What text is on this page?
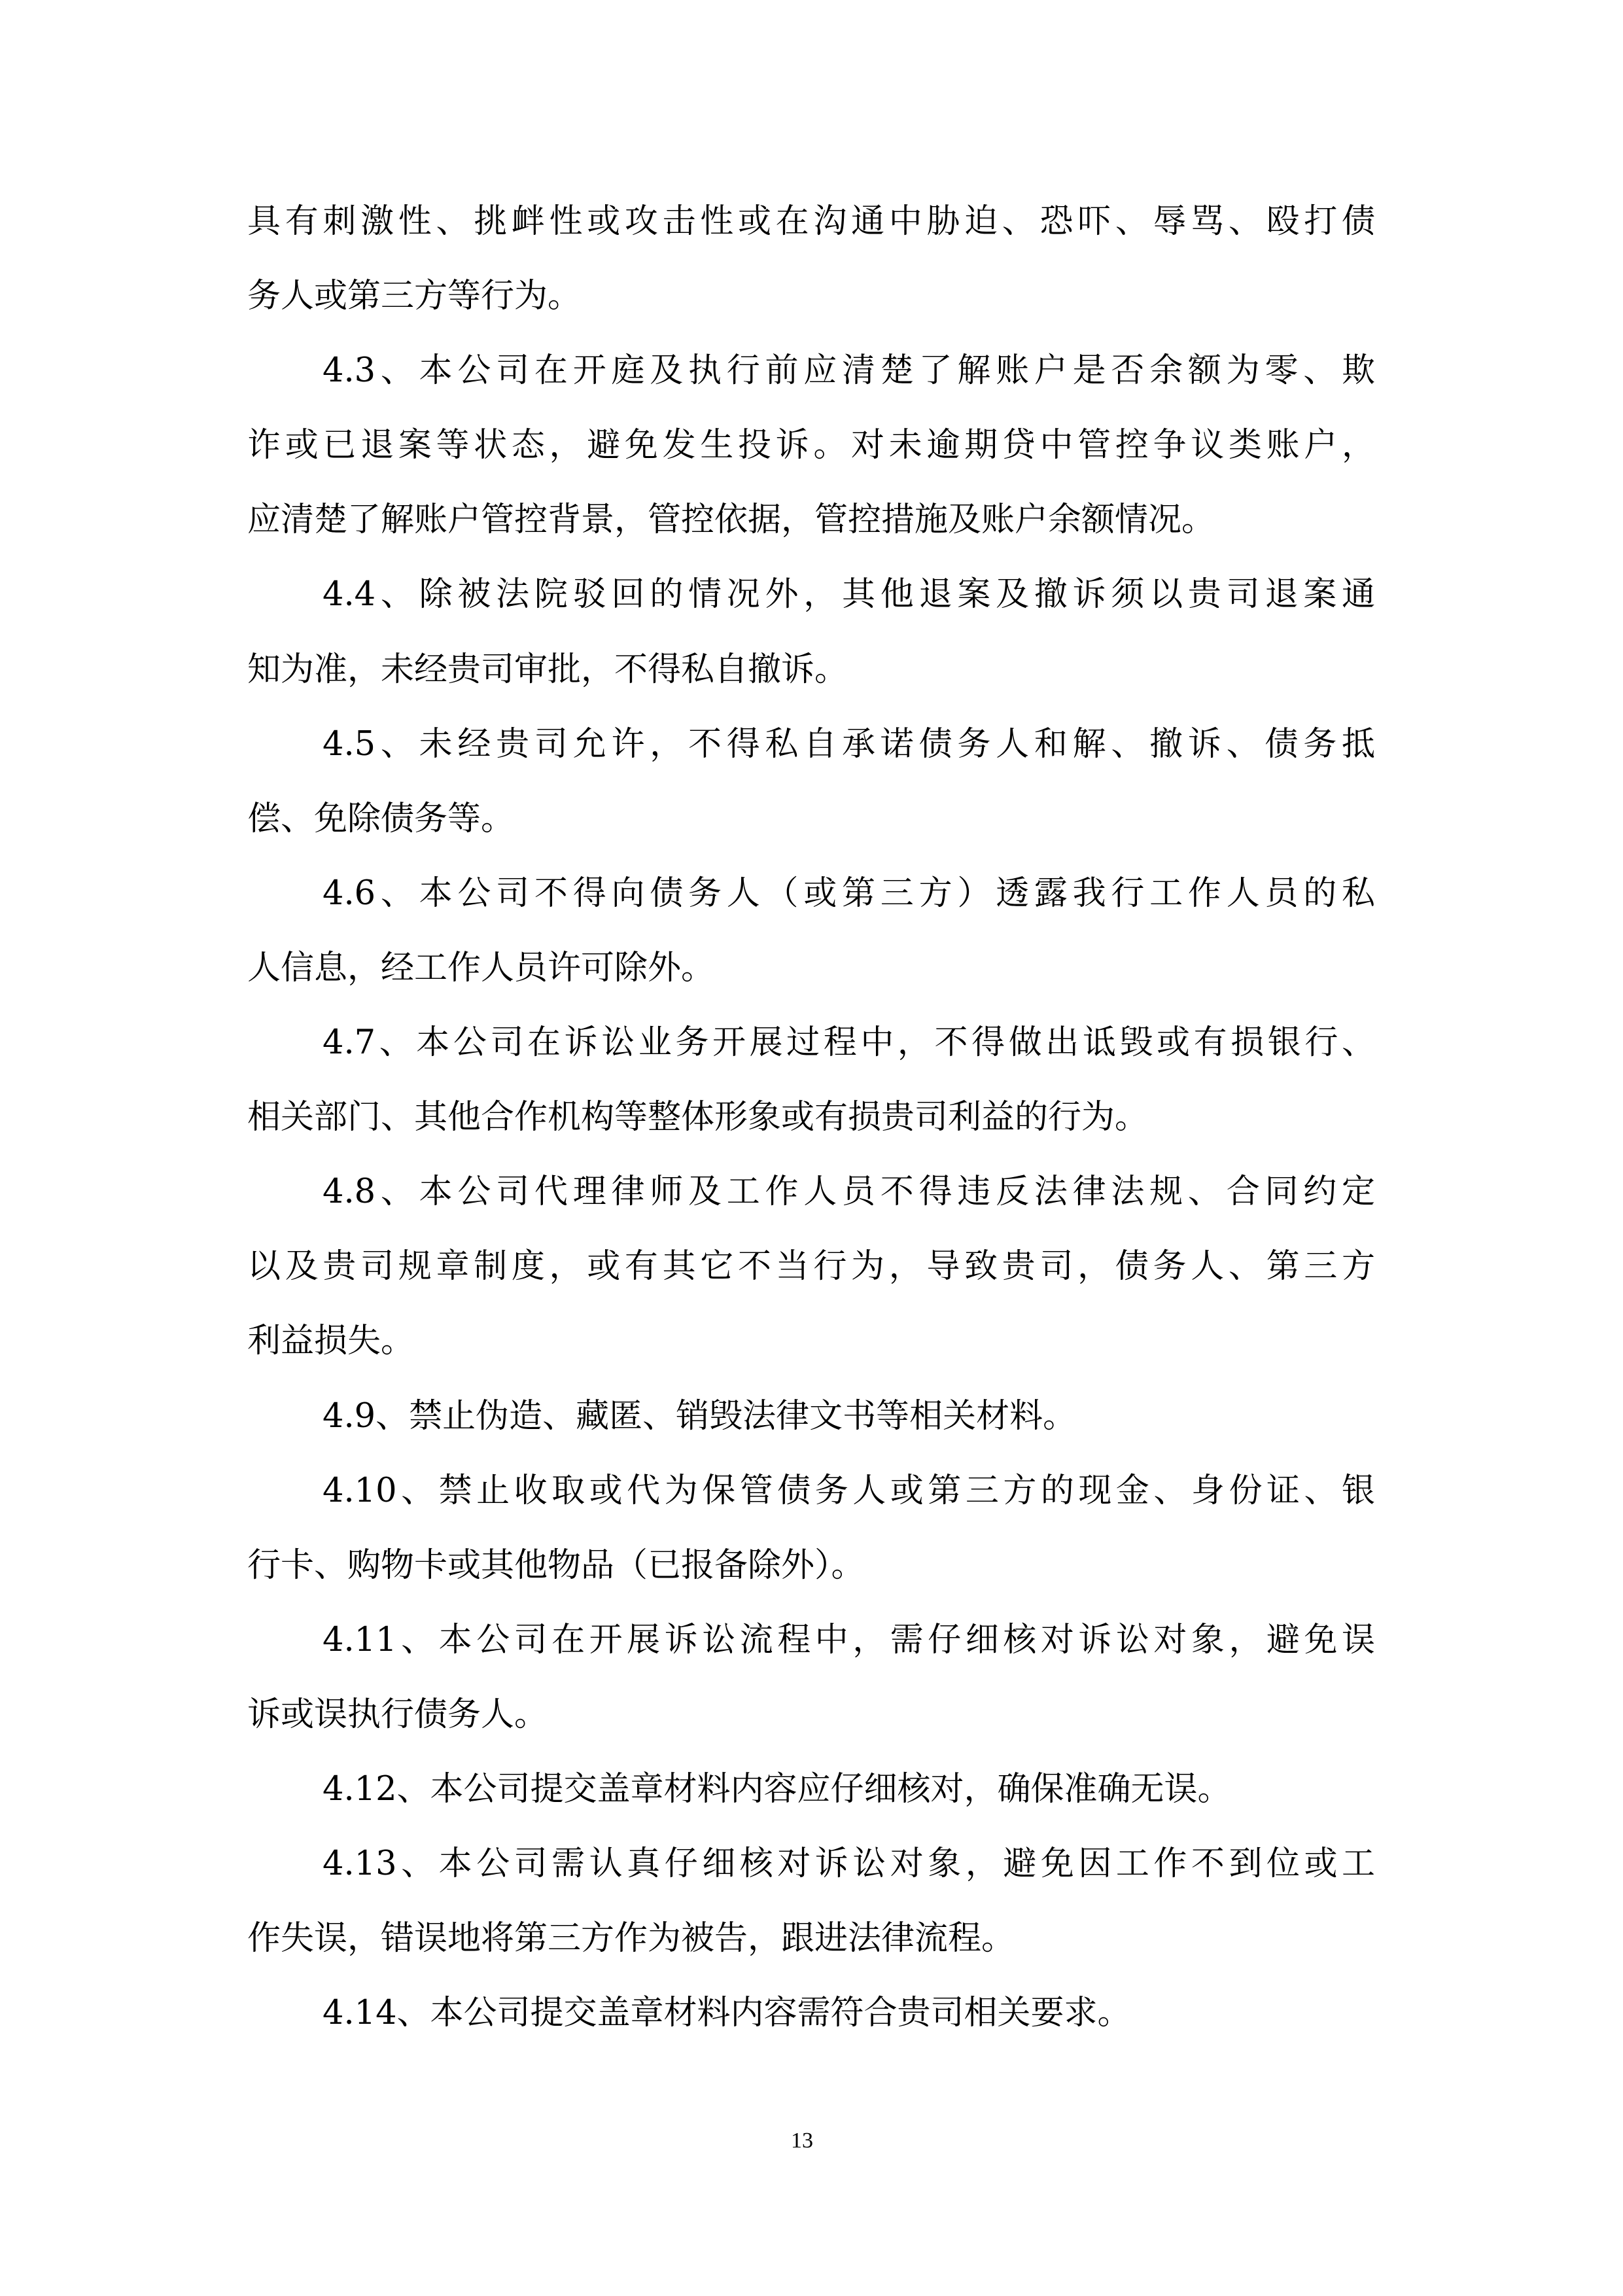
具有刺激性、挑衅性或攻击性或在沟通中胁迫、恐吓、辱骂、殴打债
务人或第三方等行为。

4.3、本公司在开庭及执行前应清楚了解账户是否余额为零、欺
诈或已退案等状态，避免发生投诉。对未逾期贷中管控争议类账户，
应清楚了解账户管控背景，管控依据，管控措施及账户余额情况。

4.4、除被法院驳回的情况外，其他退案及撤诉须以贵司退案通
知为准，未经贵司审批，不得私自撤诉。

4.5、未经贵司允许，不得私自承诺债务人和解、撤诉、债务抵
偿、免除债务等。

4.6、本公司不得向债务人（或第三方）透露我行工作人员的私
人信息，经工作人员许可除外。

4.7、本公司在诉讼业务开展过程中，不得做出诋毁或有损银行、
相关部门、其他合作机构等整体形象或有损贵司利益的行为。

4.8、本公司代理律师及工作人员不得违反法律法规、合同约定
以及贵司规章制度，或有其它不当行为，导致贵司，债务人、第三方
利益损失。

4.9、禁止伪造、藏匿、销毁法律文书等相关材料。

4.10、禁止收取或代为保管债务人或第三方的现金、身份证、银
行卡、购物卡或其他物品（已报备除外）。

4.11、本公司在开展诉讼流程中，需仔细核对诉讼对象，避免误
诉或误执行债务人。

4.12、本公司提交盖章材料内容应仔细核对，确保准确无误。

4.13、本公司需认真仔细核对诉讼对象，避免因工作不到位或工
作失误，错误地将第三方作为被告，跟进法律流程。

4.14、本公司提交盖章材料内容需符合贵司相关要求。

13
